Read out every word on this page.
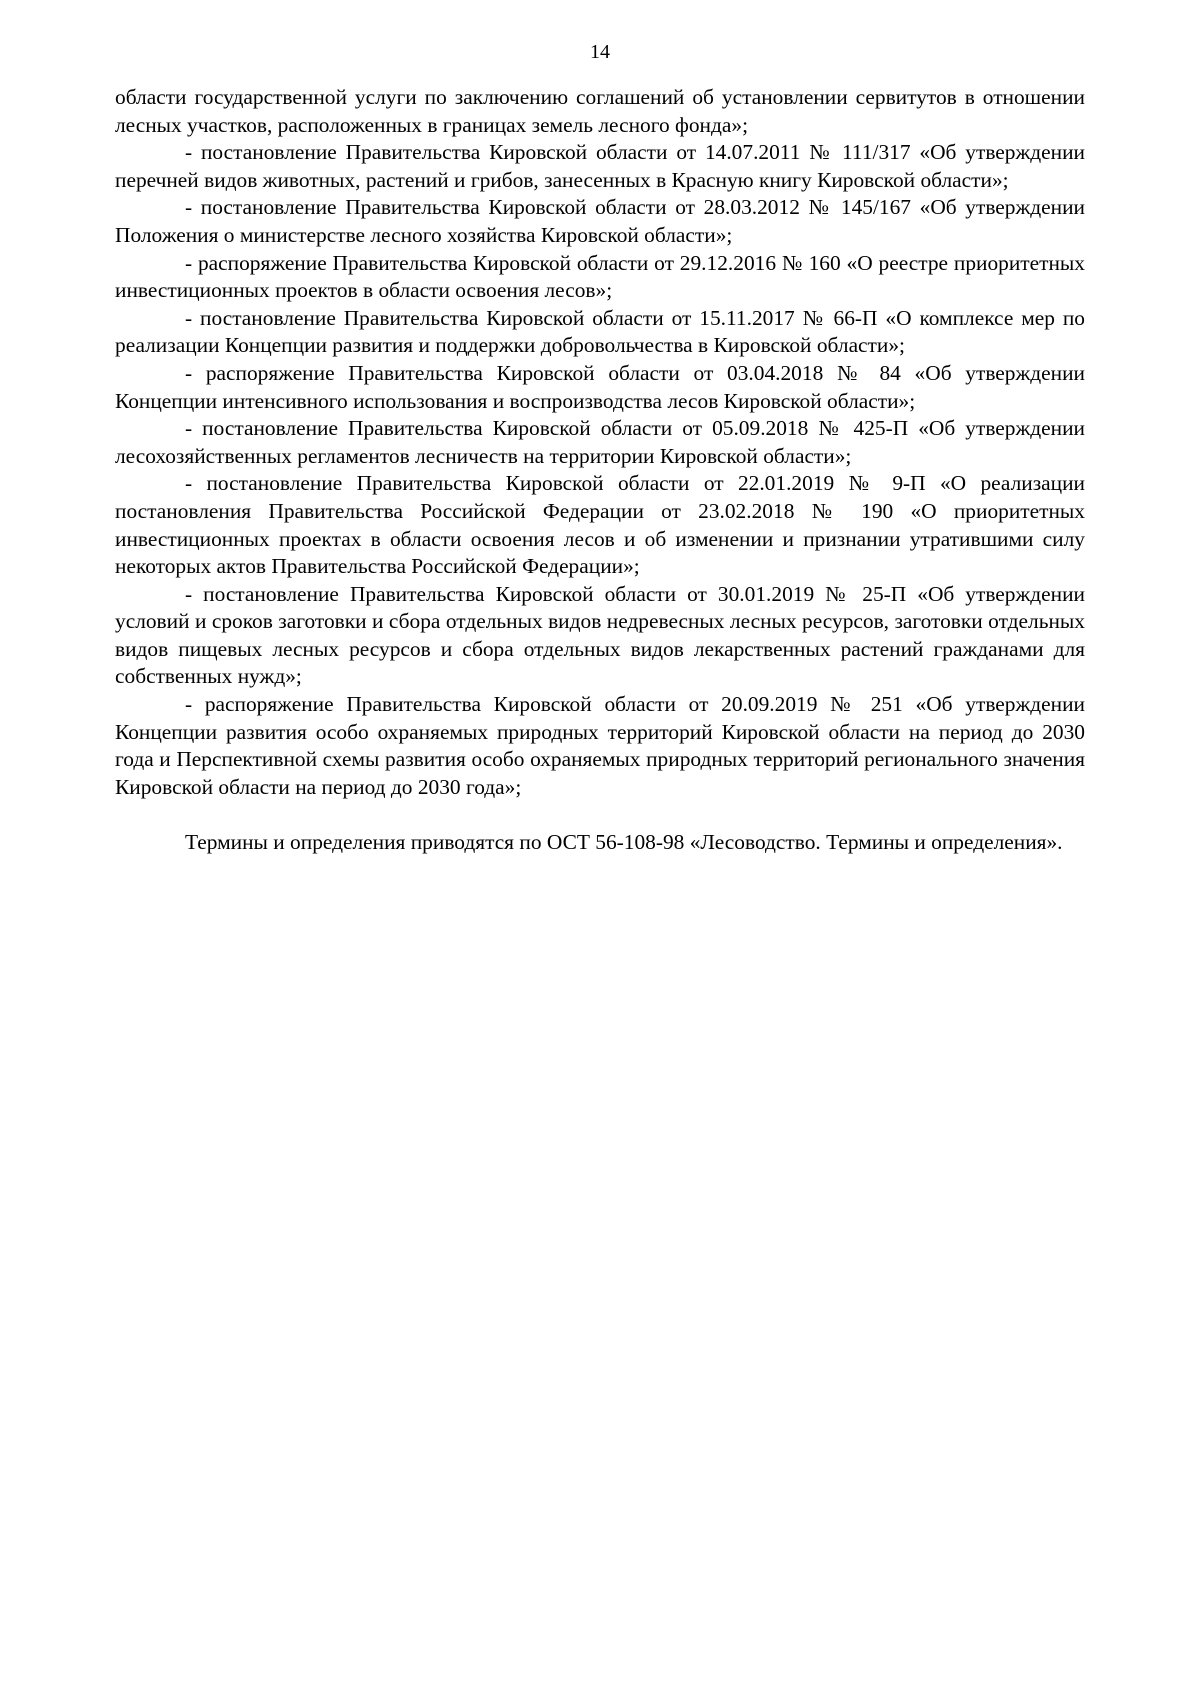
14

области государственной услуги по заключению соглашений об установлении сервитутов в отношении лесных участков, расположенных в границах земель лесного фонда»;

- постановление Правительства Кировской области от 14.07.2011 № 111/317 «Об утверждении перечней видов животных, растений и грибов, занесенных в Красную книгу Кировской области»;

- постановление Правительства Кировской области от 28.03.2012 № 145/167 «Об утверждении Положения о министерстве лесного хозяйства Кировской области»;

- распоряжение Правительства Кировской области от 29.12.2016 № 160 «О реестре приоритетных инвестиционных проектов в области освоения лесов»;

- постановление Правительства Кировской области от 15.11.2017 № 66-П «О комплексе мер по реализации Концепции развития и поддержки добровольчества в Кировской области»;

- распоряжение Правительства Кировской области от 03.04.2018 № 84 «Об утверждении Концепции интенсивного использования и воспроизводства лесов Кировской области»;

- постановление Правительства Кировской области от 05.09.2018 № 425-П «Об утверждении лесохозяйственных регламентов лесничеств на территории Кировской области»;

- постановление Правительства Кировской области от 22.01.2019 № 9-П «О реализации постановления Правительства Российской Федерации от 23.02.2018 № 190 «О приоритетных инвестиционных проектах в области освоения лесов и об изменении и признании утратившими силу некоторых актов Правительства Российской Федерации»;

- постановление Правительства Кировской области от 30.01.2019 № 25-П «Об утверждении условий и сроков заготовки и сбора отдельных видов недревесных лесных ресурсов, заготовки отдельных видов пищевых лесных ресурсов и сбора отдельных видов лекарственных растений гражданами для собственных нужд»;

- распоряжение Правительства Кировской области от 20.09.2019 № 251 «Об утверждении Концепции развития особо охраняемых природных территорий Кировской области на период до 2030 года и Перспективной схемы развития особо охраняемых природных территорий регионального значения Кировской области на период до 2030 года»;

Термины и определения приводятся по ОСТ 56-108-98 «Лесоводство. Термины и определения».
